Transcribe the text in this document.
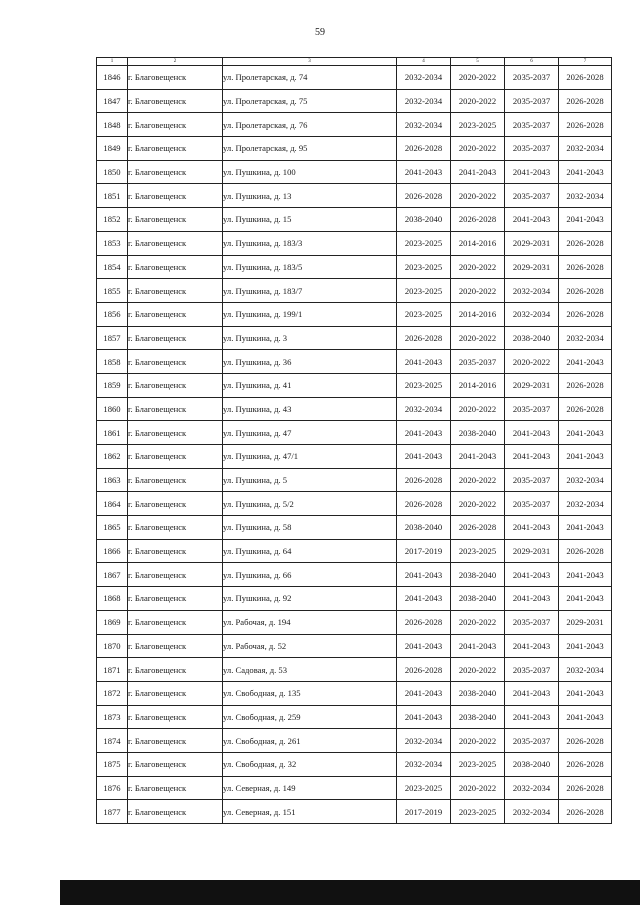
59
1	2	3	4	5	6	7
1846	г. Благовещенск	ул. Пролетарская, д. 74	2032-2034	2020-2022	2035-2037	2026-2028
1847	г. Благовещенск	ул. Пролетарская, д. 75	2032-2034	2020-2022	2035-2037	2026-2028
1848	г. Благовещенск	ул. Пролетарская, д. 76	2032-2034	2023-2025	2035-2037	2026-2028
1849	г. Благовещенск	ул. Пролетарская, д. 95	2026-2028	2020-2022	2035-2037	2032-2034
1850	г. Благовещенск	ул. Пушкина, д. 100	2041-2043	2041-2043	2041-2043	2041-2043
1851	г. Благовещенск	ул. Пушкина, д. 13	2026-2028	2020-2022	2035-2037	2032-2034
1852	г. Благовещенск	ул. Пушкина, д. 15	2038-2040	2026-2028	2041-2043	2041-2043
1853	г. Благовещенск	ул. Пушкина, д. 183/3	2023-2025	2014-2016	2029-2031	2026-2028
1854	г. Благовещенск	ул. Пушкина, д. 183/5	2023-2025	2020-2022	2029-2031	2026-2028
1855	г. Благовещенск	ул. Пушкина, д. 183/7	2023-2025	2020-2022	2032-2034	2026-2028
1856	г. Благовещенск	ул. Пушкина, д. 199/1	2023-2025	2014-2016	2032-2034	2026-2028
1857	г. Благовещенск	ул. Пушкина, д. 3	2026-2028	2020-2022	2038-2040	2032-2034
1858	г. Благовещенск	ул. Пушкина, д. 36	2041-2043	2035-2037	2020-2022	2041-2043
1859	г. Благовещенск	ул. Пушкина, д. 41	2023-2025	2014-2016	2029-2031	2026-2028
1860	г. Благовещенск	ул. Пушкина, д. 43	2032-2034	2020-2022	2035-2037	2026-2028
1861	г. Благовещенск	ул. Пушкина, д. 47	2041-2043	2038-2040	2041-2043	2041-2043
1862	г. Благовещенск	ул. Пушкина, д. 47/1	2041-2043	2041-2043	2041-2043	2041-2043
1863	г. Благовещенск	ул. Пушкина, д. 5	2026-2028	2020-2022	2035-2037	2032-2034
1864	г. Благовещенск	ул. Пушкина, д. 5/2	2026-2028	2020-2022	2035-2037	2032-2034
1865	г. Благовещенск	ул. Пушкина, д. 58	2038-2040	2026-2028	2041-2043	2041-2043
1866	г. Благовещенск	ул. Пушкина, д. 64	2017-2019	2023-2025	2029-2031	2026-2028
1867	г. Благовещенск	ул. Пушкина, д. 66	2041-2043	2038-2040	2041-2043	2041-2043
1868	г. Благовещенск	ул. Пушкина, д. 92	2041-2043	2038-2040	2041-2043	2041-2043
1869	г. Благовещенск	ул. Рабочая, д. 194	2026-2028	2020-2022	2035-2037	2029-2031
1870	г. Благовещенск	ул. Рабочая, д. 52	2041-2043	2041-2043	2041-2043	2041-2043
1871	г. Благовещенск	ул. Садовая, д. 53	2026-2028	2020-2022	2035-2037	2032-2034
1872	г. Благовещенск	ул. Свободная, д. 135	2041-2043	2038-2040	2041-2043	2041-2043
1873	г. Благовещенск	ул. Свободная, д. 259	2041-2043	2038-2040	2041-2043	2041-2043
1874	г. Благовещенск	ул. Свободная, д. 261	2032-2034	2020-2022	2035-2037	2026-2028
1875	г. Благовещенск	ул. Свободная, д. 32	2032-2034	2023-2025	2038-2040	2026-2028
1876	г. Благовещенск	ул. Северная, д. 149	2023-2025	2020-2022	2032-2034	2026-2028
1877	г. Благовещенск	ул. Северная, д. 151	2017-2019	2023-2025	2032-2034	2026-2028
